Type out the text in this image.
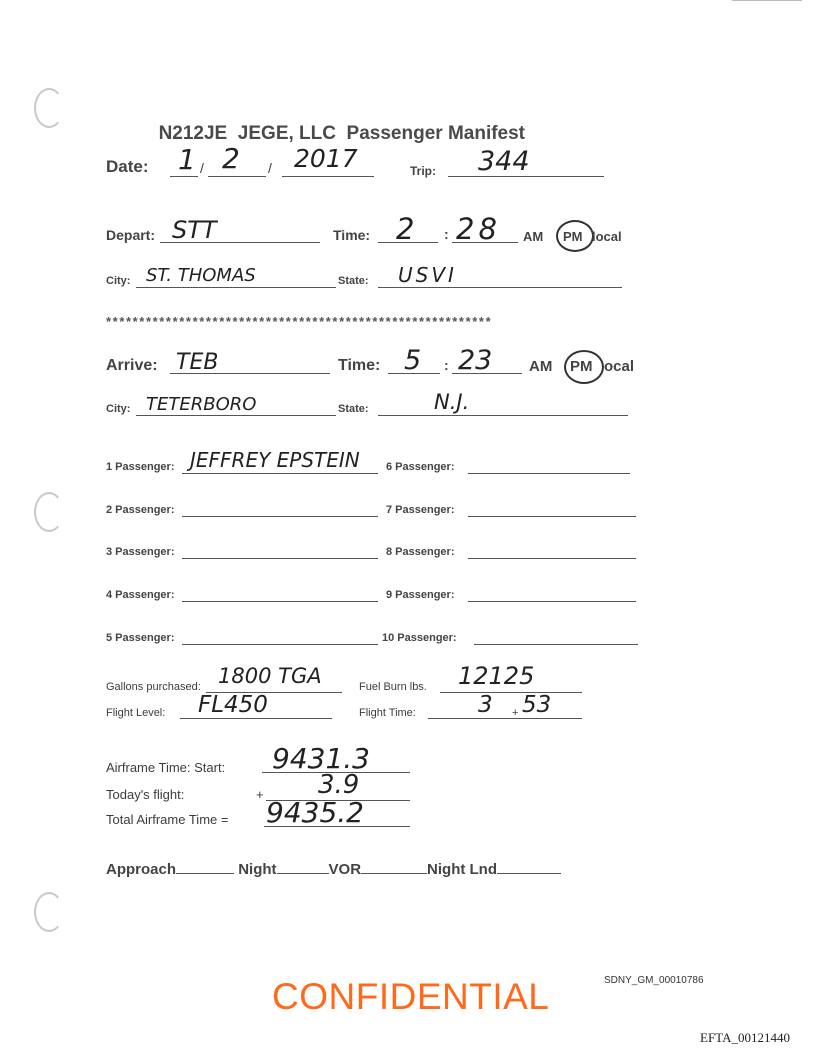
N212JE JEGE, LLC Passenger Manifest

Date: 1 / 2 / 2017	Trip: 344
Depart: STT	Time: 2 : 28 AM PM local
City: ST. THOMAS	State: USVI
**********************************************************
Arrive: TEB	Time: 5 : 23 AM PM ocal
City: TETERBORO	State:	N.J.
1 Passenger: JEFFREY EPSTEIN
2 Passenger:
3 Passenger:
4 Passenger:
5 Passenger:
6 Passenger:
7 Passenger:
8 Passenger:
9 Passenger:
10 Passenger:
Gallons purchased: 1800 TGA	Fuel Burn lbs. 12125
Flight Level: FL450	Flight Time:	3 + 53
Airframe Time: Start: 9431.3
Today's flight:	+ 3.9
Total Airframe Time = 9435.2
Approach	Night	VOR	Night Lnd
CONFIDENTIAL	SDNY_GM_00010786
EFTA_00121440
